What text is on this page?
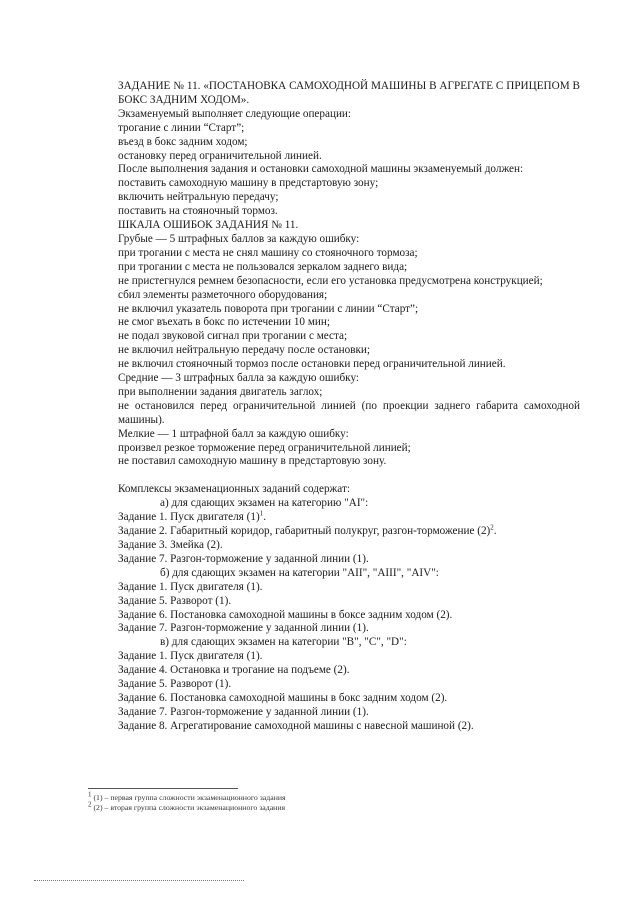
ЗАДАНИЕ № 11. «ПОСТАНОВКА САМОХОДНОЙ МАШИНЫ В АГРЕГАТЕ С ПРИЦЕПОМ В БОКС ЗАДНИМ ХОДОМ».

Экзаменуемый выполняет следующие операции:

трогание с линии “Старт”;

въезд в бокс задним ходом;

остановку перед ограничительной линией.

После выполнения задания и остановки самоходной машины экзаменуемый должен:

поставить самоходную машину в предстартовую зону;

включить нейтральную передачу;

поставить на стояночный тормоз.

ШКАЛА ОШИБОК ЗАДАНИЯ № 11.

Грубые — 5 штрафных баллов за каждую ошибку:

при трогании с места не снял машину со стояночного тормоза;

при трогании с места не пользовался зеркалом заднего вида;

не пристегнулся ремнем безопасности, если его установка предусмотрена конструкцией;

сбил элементы разметочного оборудования;

не включил указатель поворота при трогании с линии “Старт”;

не смог въехать в бокс по истечении 10 мин;

не подал звуковой сигнал при трогании с места;

не включил нейтральную передачу после остановки;

не включил стояночный тормоз после остановки перед ограничительной линией.

Средние — 3 штрафных балла за каждую ошибку:

при выполнении задания двигатель заглох;

не остановился перед ограничительной линией (по проекции заднего габарита самоходной машины).

Мелкие — 1 штрафной балл за каждую ошибку:

произвел резкое торможение перед ограничительной линией;

не поставил самоходную машину в предстартовую зону.

Комплексы экзаменационных заданий содержат:

а) для сдающих экзамен на категорию "AI":

Задание 1. Пуск двигателя $(1)^1$.

Задание 2. Габаритный коридор, габаритный полукруг, разгон-торможение $(2)^2$.

Задание 3. Змейка (2).

Задание 7. Разгон-торможение у заданной линии (1).

б) для сдающих экзамен на категории "AII", "AIII", "AIV":

Задание 1. Пуск двигателя (1).

Задание 5. Разворот (1).

Задание 6. Постановка самоходной машины в боксе задним ходом (2).

Задание 7. Разгон-торможение у заданной линии (1).

в) для сдающих экзамен на категории "B", "C", "D":

Задание 1. Пуск двигателя (1).

Задание 4. Остановка и трогание на подъеме (2).

Задание 5. Разворот (1).

Задание 6. Постановка самоходной машины в бокс задним ходом (2).

Задание 7. Разгон-торможение у заданной линии (1).

Задание 8. Агрегатирование самоходной машины с навесной машиной (2).

$^1$ (1) – первая группа сложности экзаменационного задания

$^2$ (2) – вторая группа сложности экзаменационного задания
